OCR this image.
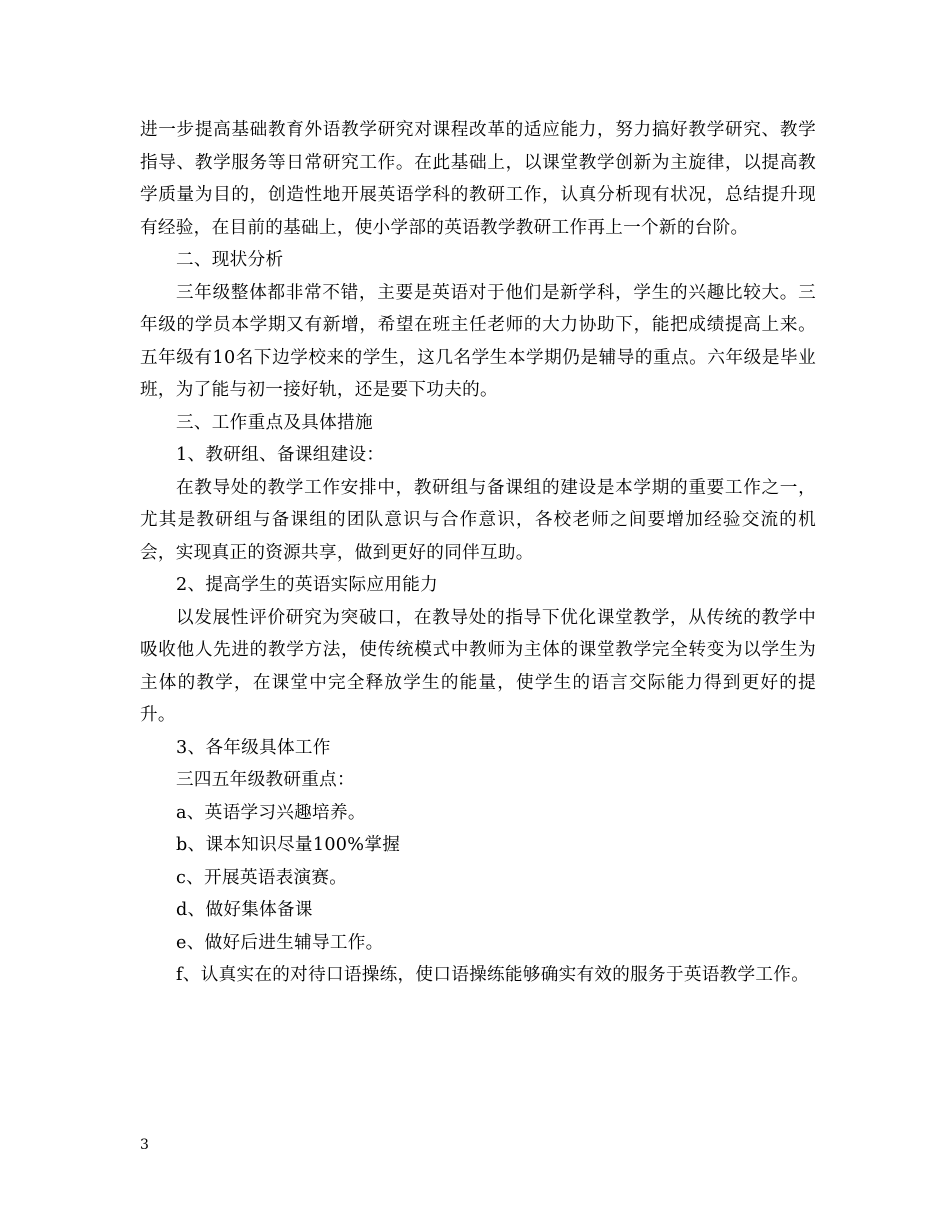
进一步提高基础教育外语教学研究对课程改革的适应能力，努力搞好教学研究、教学指导、教学服务等日常研究工作。在此基础上，以课堂教学创新为主旋律，以提高教学质量为目的，创造性地开展英语学科的教研工作，认真分析现有状况，总结提升现有经验，在目前的基础上，使小学部的英语教学教研工作再上一个新的台阶。

二、现状分析

三年级整体都非常不错，主要是英语对于他们是新学科，学生的兴趣比较大。三年级的学员本学期又有新增，希望在班主任老师的大力协助下，能把成绩提高上来。五年级有10名下边学校来的学生，这几名学生本学期仍是辅导的重点。六年级是毕业班，为了能与初一接好轨，还是要下功夫的。

三、工作重点及具体措施

1、教研组、备课组建设：

在教导处的教学工作安排中，教研组与备课组的建设是本学期的重要工作之一，尤其是教研组与备课组的团队意识与合作意识，各校老师之间要增加经验交流的机会，实现真正的资源共享，做到更好的同伴互助。

2、提高学生的英语实际应用能力

以发展性评价研究为突破口，在教导处的指导下优化课堂教学，从传统的教学中吸收他人先进的教学方法，使传统模式中教师为主体的课堂教学完全转变为以学生为主体的教学，在课堂中完全释放学生的能量，使学生的语言交际能力得到更好的提升。

3、各年级具体工作

三四五年级教研重点：

a、英语学习兴趣培养。

b、课本知识尽量100%掌握

c、开展英语表演赛。

d、做好集体备课

e、做好后进生辅导工作。

f、认真实在的对待口语操练，使口语操练能够确实有效的服务于英语教学工作。

3
